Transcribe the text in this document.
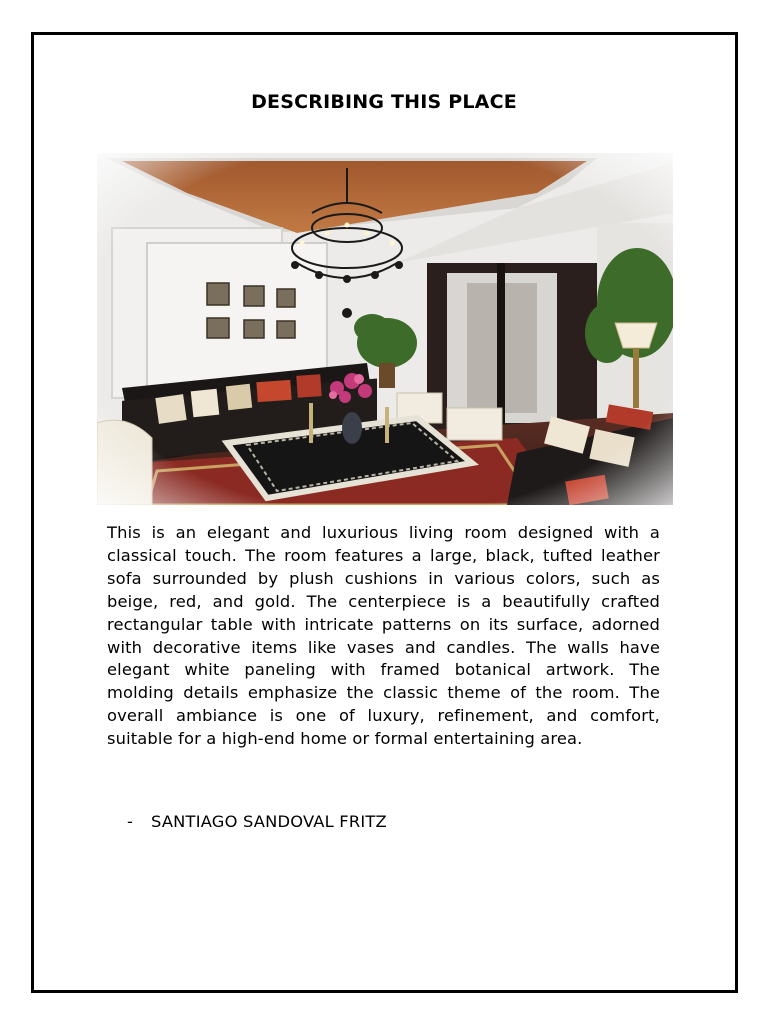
DESCRIBING THIS PLACE
This is an elegant and luxurious living room designed with a classical touch. The room features a large, black, tufted leather sofa surrounded by plush cushions in various colors, such as beige, red, and gold. The centerpiece is a beautifully crafted rectangular table with intricate patterns on its surface, adorned with decorative items like vases and candles. The walls have elegant white paneling with framed botanical artwork. The molding details emphasize the classic theme of the room. The overall ambiance is one of luxury, refinement, and comfort, suitable for a high-end home or formal entertaining area.
- SANTIAGO SANDOVAL FRITZ
